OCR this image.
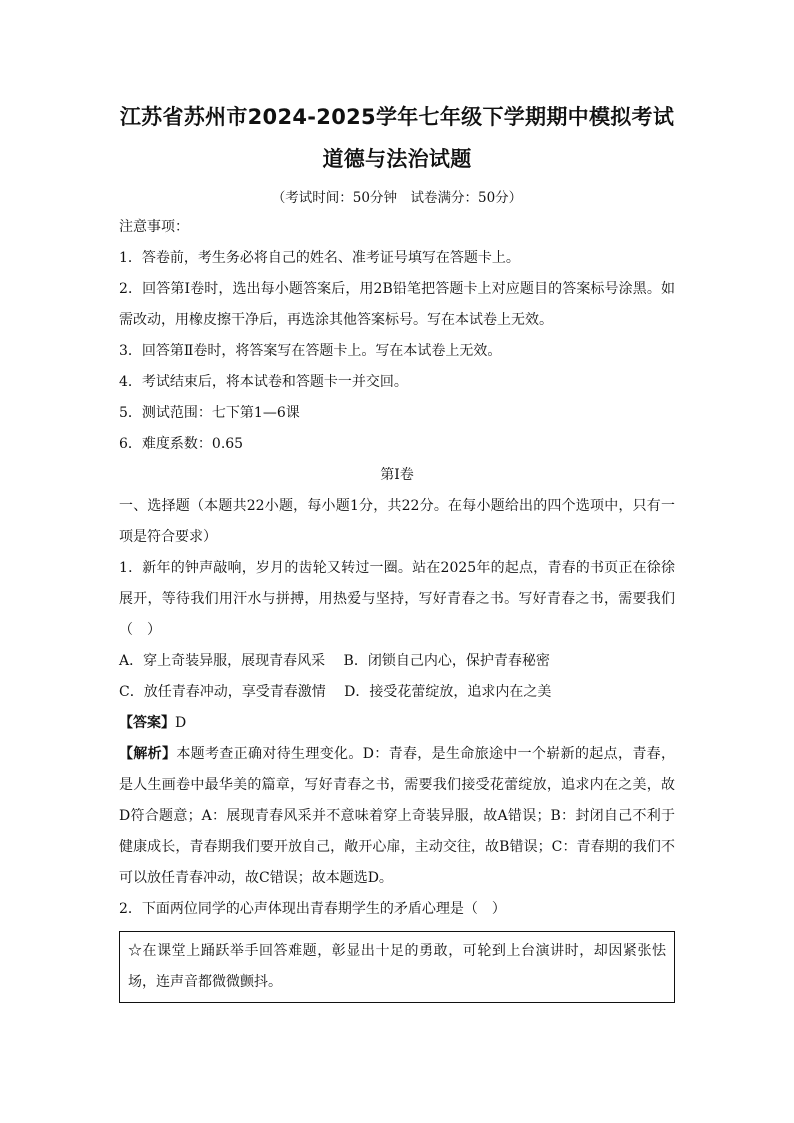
江苏省苏州市2024-2025学年七年级下学期期中模拟考试
道德与法治试题
（考试时间：50分钟　试卷满分：50分）
注意事项：
1．答卷前，考生务必将自己的姓名、准考证号填写在答题卡上。
2．回答第Ⅰ卷时，选出每小题答案后，用2B铅笔把答题卡上对应题目的答案标号涂黑。如需改动，用橡皮擦干净后，再选涂其他答案标号。写在本试卷上无效。
3．回答第Ⅱ卷时，将答案写在答题卡上。写在本试卷上无效。
4．考试结束后，将本试卷和答题卡一并交回。
5．测试范围：七下第1—6课
6．难度系数：0.65
第Ⅰ卷
一、选择题（本题共22小题，每小题1分，共22分。在每小题给出的四个选项中，只有一项是符合要求）
1．新年的钟声敲响，岁月的齿轮又转过一圈。站在2025年的起点，青春的书页正在徐徐展开，等待我们用汗水与拼搏，用热爱与坚持，写好青春之书。写好青春之书，需要我们（　）
A．穿上奇装异服，展现青春风采　 B．闭锁自己内心，保护青春秘密
C．放任青春冲动，享受青春激情　 D．接受花蕾绽放，追求内在之美
【答案】D
【解析】本题考查正确对待生理变化。D：青春，是生命旅途中一个崭新的起点，青春，是人生画卷中最华美的篇章，写好青春之书，需要我们接受花蕾绽放，追求内在之美，故D符合题意；A：展现青春风采并不意味着穿上奇装异服，故A错误；B：封闭自己不利于健康成长，青春期我们要开放自己，敞开心扉，主动交往，故B错误；C：青春期的我们不可以放任青春冲动，故C错误；故本题选D。
2．下面两位同学的心声体现出青春期学生的矛盾心理是（　）
☆在课堂上踊跃举手回答难题，彰显出十足的勇敢，可轮到上台演讲时，却因紧张怯场，连声音都微微颤抖。
